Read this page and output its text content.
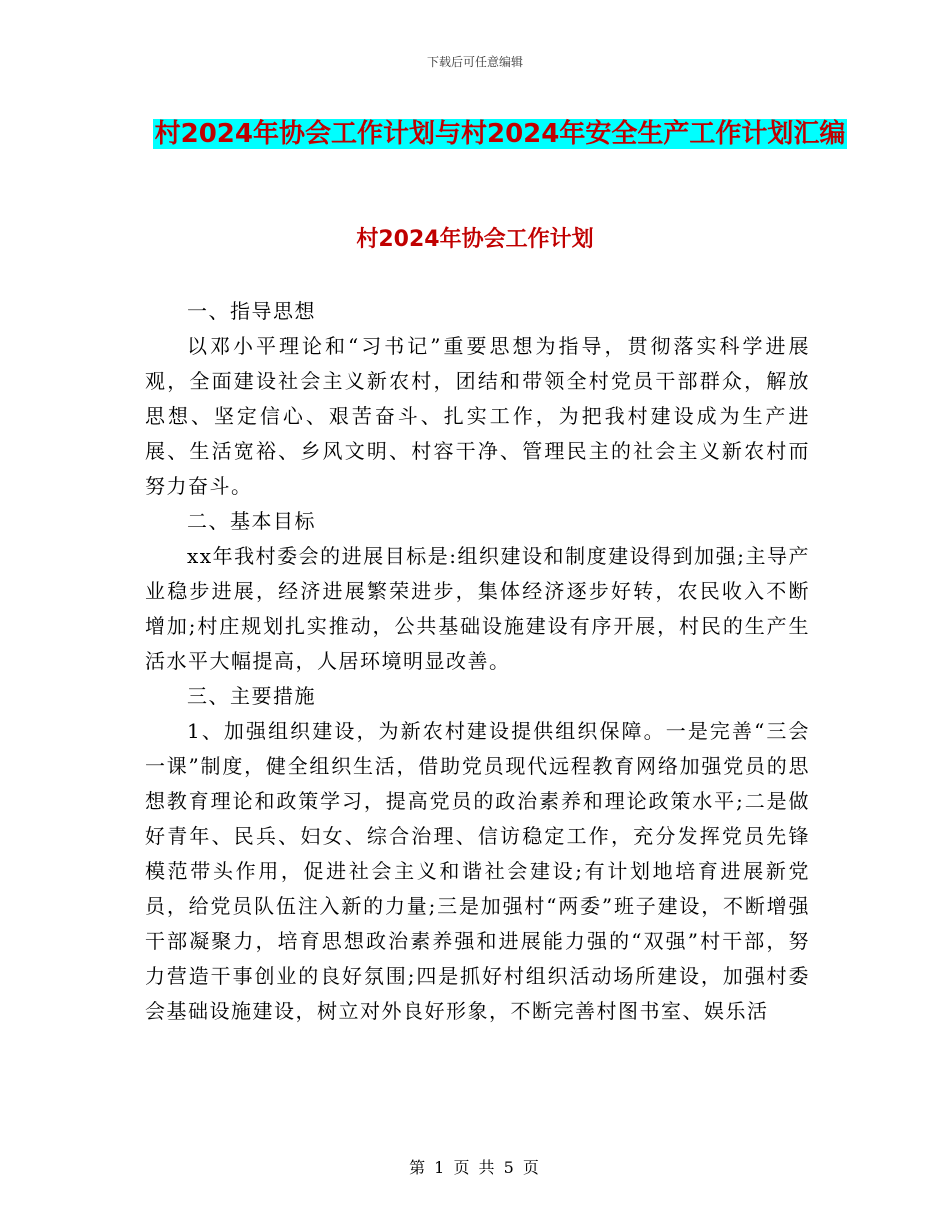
下载后可任意编辑
村2024年协会工作计划与村2024年安全生产工作计划汇编
村2024年协会工作计划

一、指导思想

以邓小平理论和“习书记”重要思想为指导，贯彻落实科学进展观，全面建设社会主义新农村，团结和带领全村党员干部群众，解放思想、坚定信心、艰苦奋斗、扎实工作，为把我村建设成为生产进展、生活宽裕、乡风文明、村容干净、管理民主的社会主义新农村而努力奋斗。

二、基本目标

xx年我村委会的进展目标是:组织建设和制度建设得到加强;主导产业稳步进展，经济进展繁荣进步，集体经济逐步好转，农民收入不断增加;村庄规划扎实推动，公共基础设施建设有序开展，村民的生产生活水平大幅提高，人居环境明显改善。

三、主要措施

1、加强组织建设，为新农村建设提供组织保障。一是完善“三会一课”制度，健全组织生活，借助党员现代远程教育网络加强党员的思想教育理论和政策学习，提高党员的政治素养和理论政策水平;二是做好青年、民兵、妇女、综合治理、信访稳定工作，充分发挥党员先锋模范带头作用，促进社会主义和谐社会建设;有计划地培育进展新党员，给党员队伍注入新的力量;三是加强村“两委”班子建设，不断增强干部凝聚力，培育思想政治素养强和进展能力强的“双强”村干部，努力营造干事创业的良好氛围;四是抓好村组织活动场所建设，加强村委会基础设施建设，树立对外良好形象，不断完善村图书室、娱乐活

第 1 页 共 5 页
